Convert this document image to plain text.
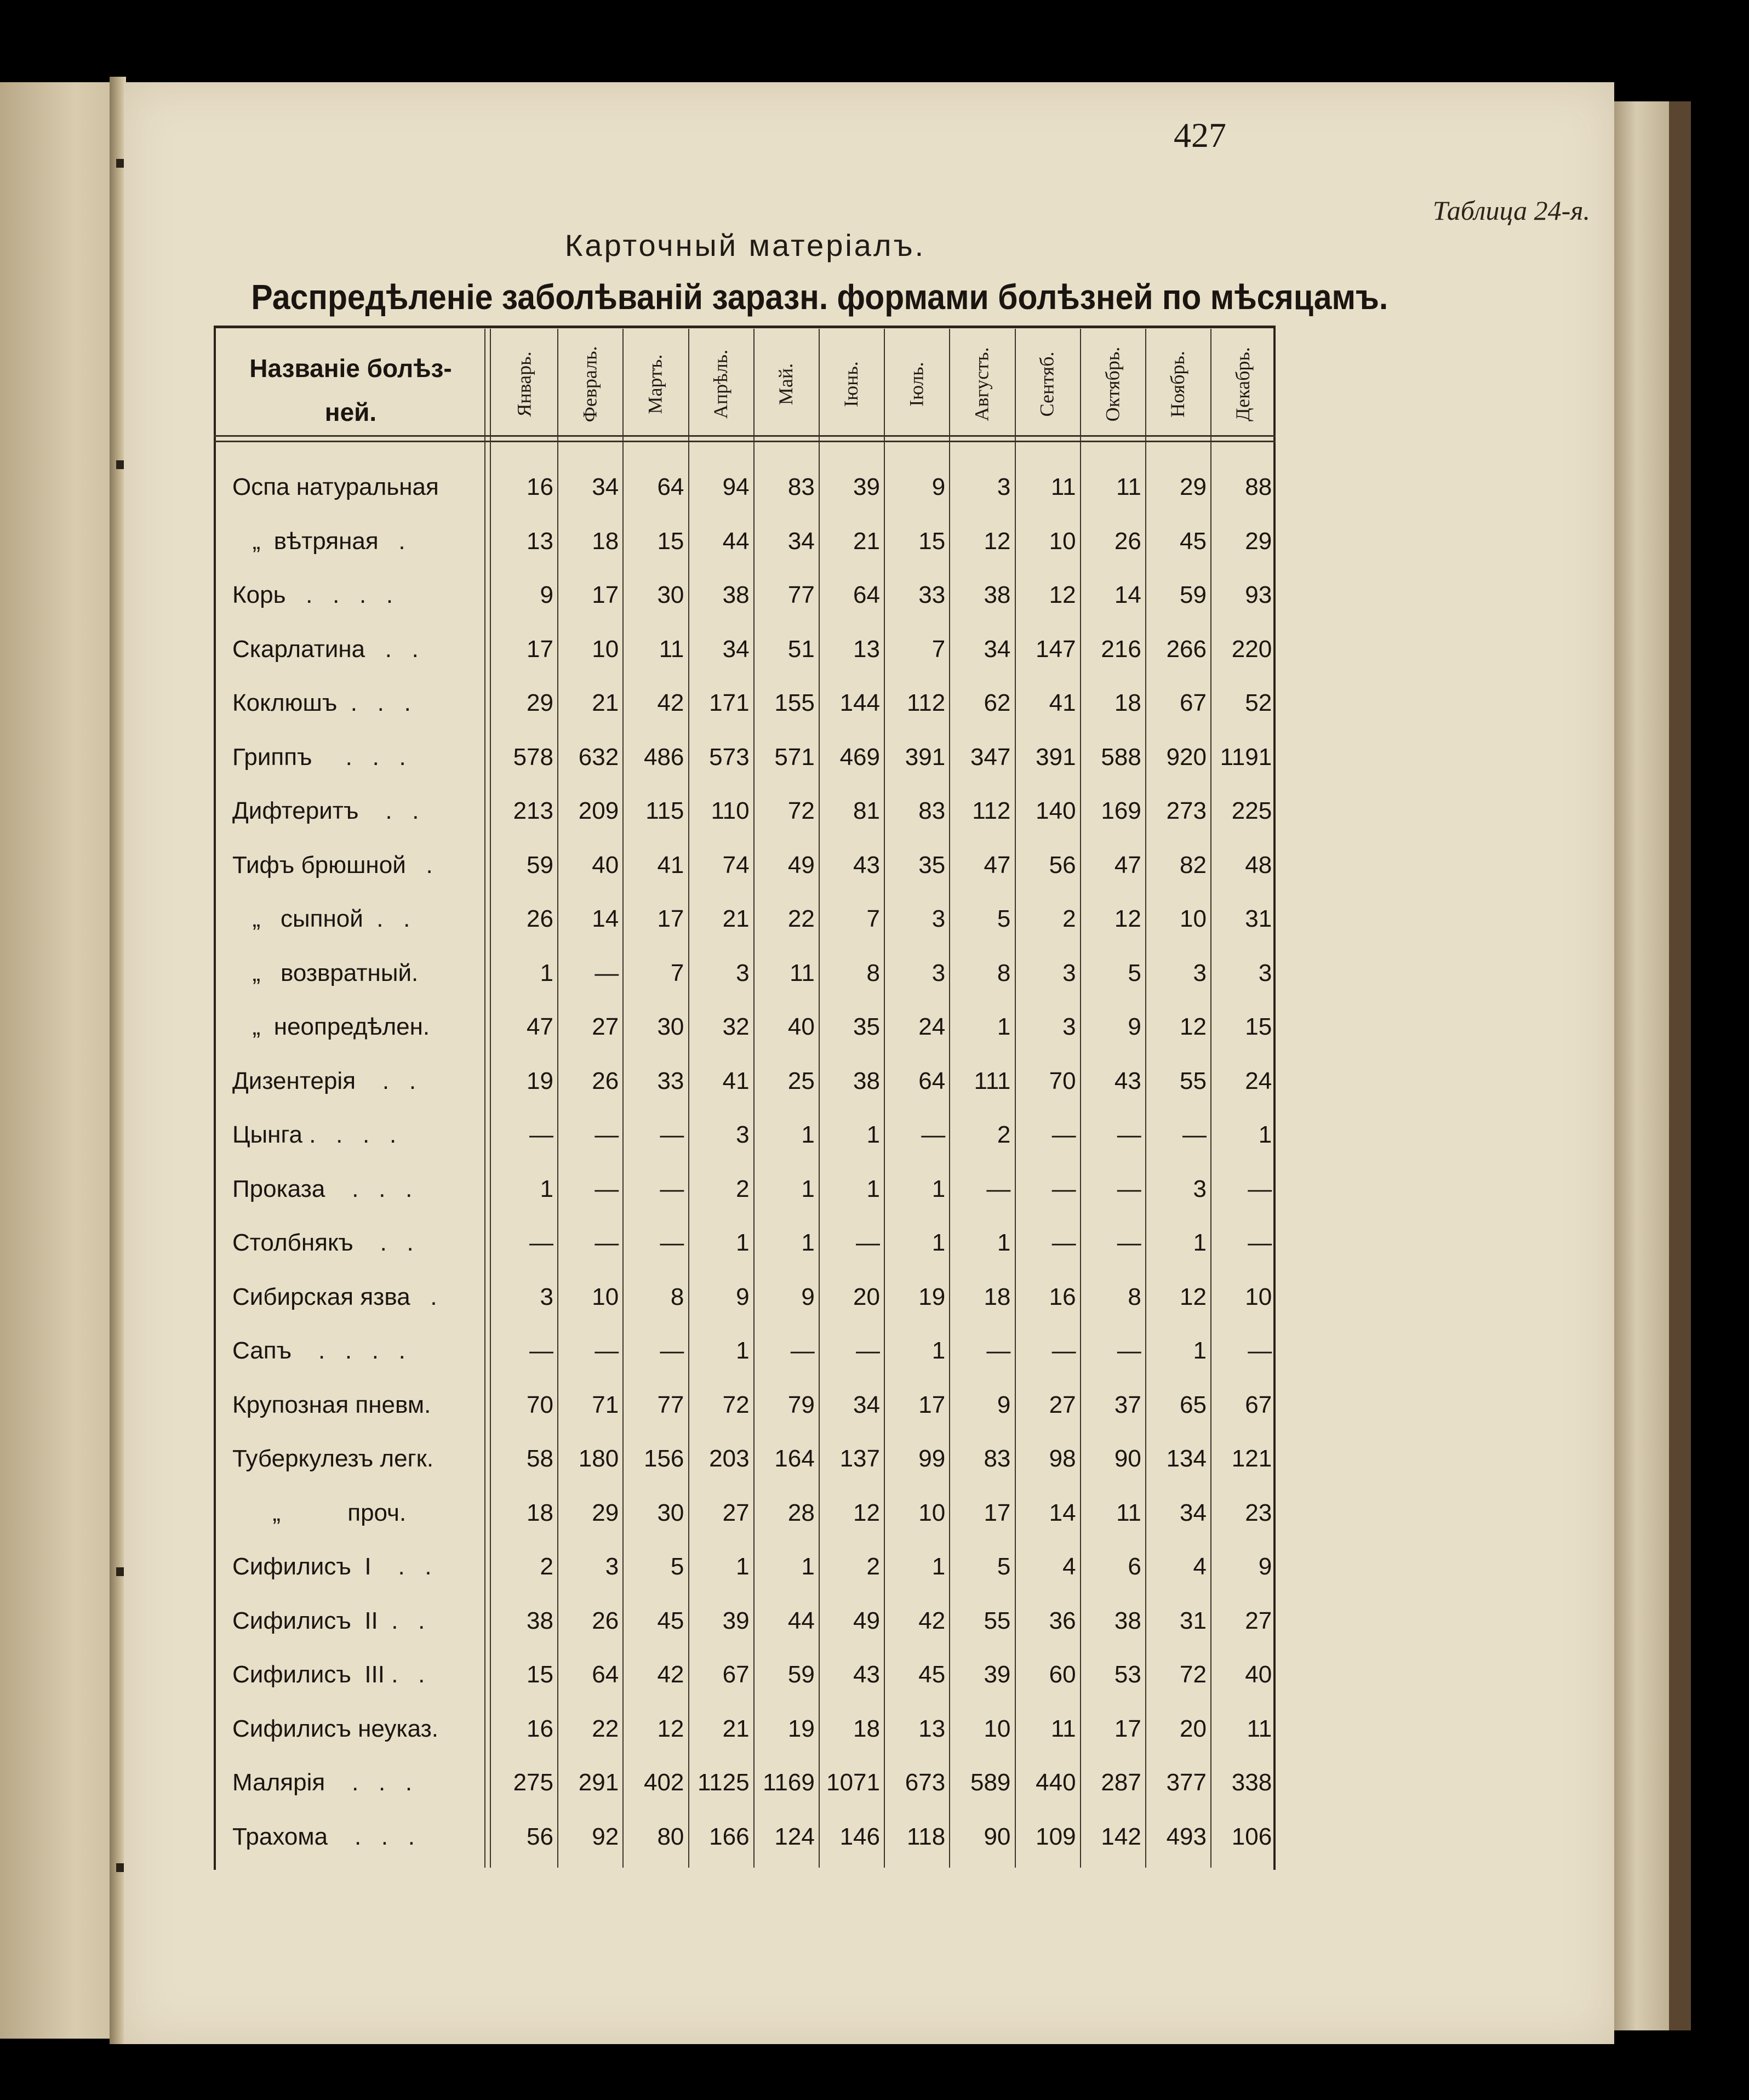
427
Таблица 24-я.
Карточный матеріалъ.
Распредѣленіе заболѣваній заразн. формами болѣзней по мѣсяцамъ.
Названіе болѣз-
ней.	Январь. Февраль. Мартъ. Апрѣль. Май. Іюнь. Іюль. Августъ. Сентяб. Октябрь. Ноябрь. Декабрь.
Оспа натуральная	16	34	64	94	83	39	9	3	11	11	29	88
„  вѣтряная   .	13	18	15	44	34	21	15	12	10	26	45	29
Корь   .   .   .   .	9	17	30	38	77	64	33	38	12	14	59	93
Скарлатина   .   .	17	10	11	34	51	13	7	34	147	216	266	220
Коклюшъ  .   .   .	29	21	42	171	155	144	112	62	41	18	67	52
Гриппъ     .   .   .	578	632	486	573	571	469	391	347	391	588	920 1191
Дифтеритъ    .   .	213	209	115	110	72	81	83	112	140	169	273	225
Тифъ брюшной   .	59	40	41	74	49	43	35	47	56	47	82	48
„   сыпной  .   .	26	14	17	21	22	7	3	5	2	12	10	31
„   возвратный.	1	—	7	3	11	8	3	8	3	5	3	3
„  неопредѣлен.	47	27	30	32	40	35	24	1	3	9	12	15
Дизентерія    .   .	19	26	33	41	25	38	64	111	70	43	55	24
Цынга .   .   .   .	—	—	—	3	1	1	—	2	—	—	—	1
Проказа    .   .   .	1	—	—	2	1	1	1	—	—	—	3	—
Столбнякъ    .   .	—	—	—	1	1	—	1	1	—	—	1	—
Сибирская язва   .	3	10	8	9	9	20	19	18	16	8	12	10
Сапъ    .   .   .   .	—	—	—	1	—	—	1	—	—	—	1	—
Крупозная пневм.	70	71	77	72	79	34	17	9	27	37	65	67
Туберкулезъ легк.	58	180	156	203	164	137	99	83	98	90	134	121
„          проч.	18	29	30	27	28	12	10	17	14	11	34	23
Сифилисъ  I    .   .	2	3	5	1	1	2	1	5	4	6	4	9
Сифилисъ  II  .   .	38	26	45	39	44	49	42	55	36	38	31	27
Сифилисъ  III .   .	15	64	42	67	59	43	45	39	60	53	72	40
Сифилисъ неуказ.	16	22	12	21	19	18	13	10	11	17	20	11
Малярія    .   .   .	275	291	402 1125 1169 1071	673	589	440	287	377	338
Трахома    .   .   .	56	92	80	166	124	146	118	90	109	142	493	106
